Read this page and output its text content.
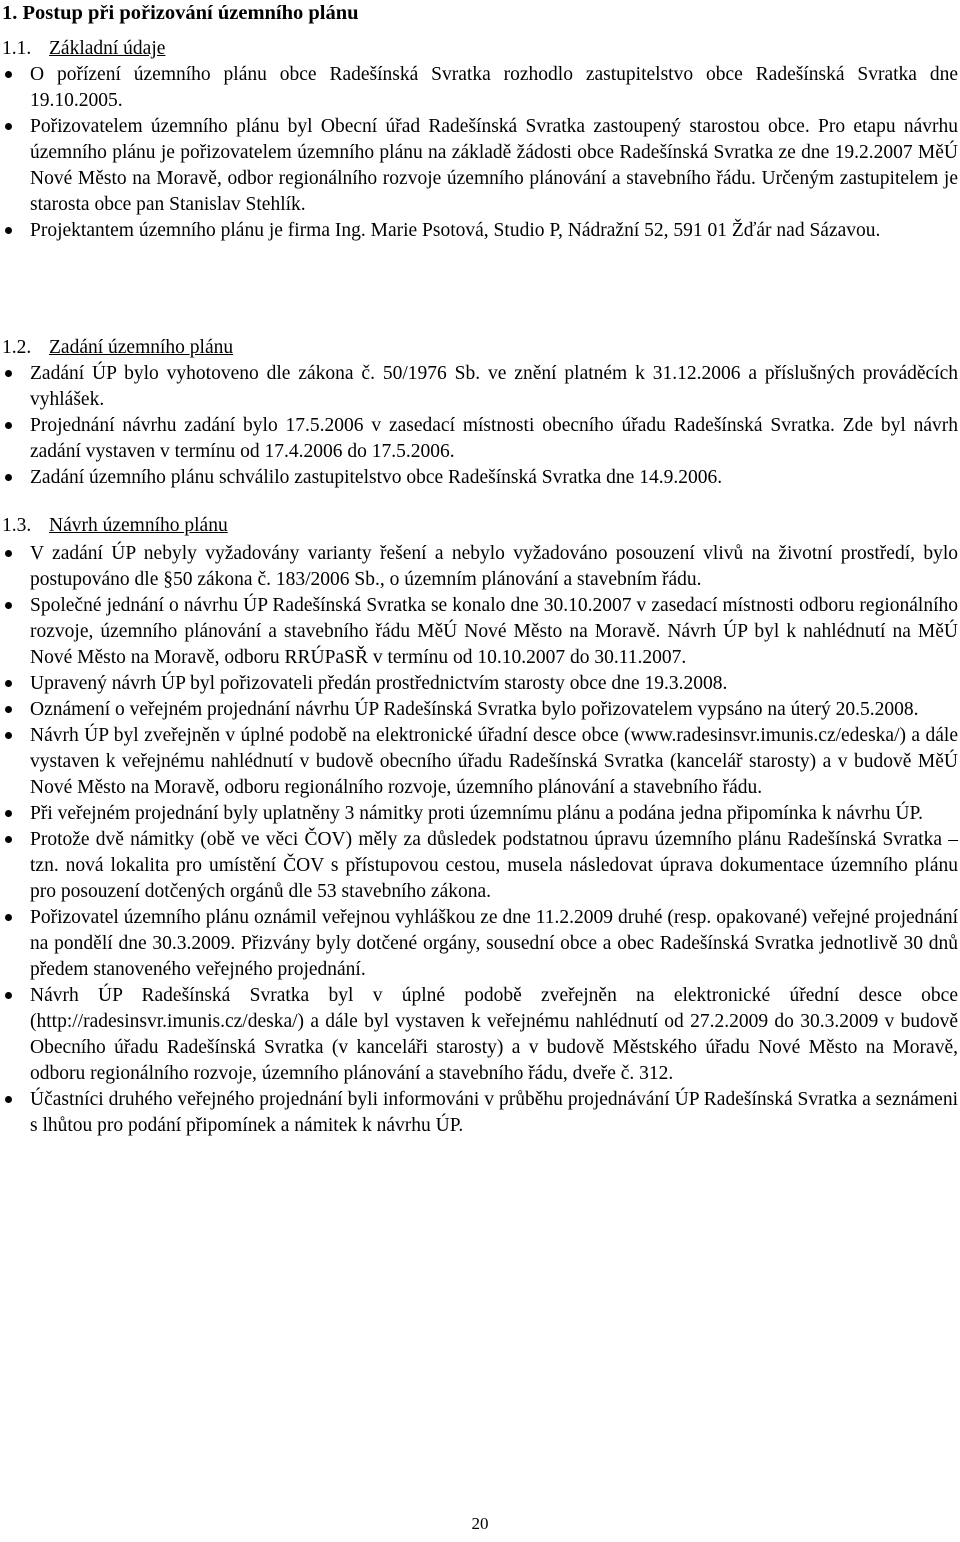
1. Postup při pořizování územního plánu
1.1. Základní údaje
O pořízení územního plánu obce Radešínská Svratka rozhodlo zastupitelstvo obce Radešínská Svratka dne 19.10.2005.
Pořizovatelem územního plánu byl Obecní úřad Radešínská Svratka zastoupený starostou obce. Pro etapu návrhu územního plánu je pořizovatelem územního plánu na základě žádosti obce Radešínská Svratka ze dne 19.2.2007 MěÚ Nové Město na Moravě, odbor regionálního rozvoje územního plánování a stavebního řádu. Určeným zastupitelem je starosta obce pan Stanislav Stehlík.
Projektantem územního plánu je firma Ing. Marie Psotová, Studio P, Nádražní 52, 591 01 Žďár nad Sázavou.
1.2. Zadání územního plánu
Zadání ÚP bylo vyhotoveno dle zákona č. 50/1976 Sb. ve znění platném k 31.12.2006 a příslušných prováděcích vyhlášek.
Projednání návrhu zadání bylo 17.5.2006 v zasedací místnosti obecního úřadu Radešínská Svratka. Zde byl návrh zadání vystaven v termínu od 17.4.2006 do 17.5.2006.
Zadání územního plánu schválilo zastupitelstvo obce Radešínská Svratka dne 14.9.2006.
1.3. Návrh územního plánu
V zadání ÚP nebyly vyžadovány varianty řešení a nebylo vyžadováno posouzení vlivů na životní prostředí, bylo postupováno dle §50 zákona č. 183/2006 Sb., o územním plánování a stavebním řádu.
Společné jednání o návrhu ÚP Radešínská Svratka se konalo dne 30.10.2007 v zasedací místnosti odboru regionálního rozvoje, územního plánování a stavebního řádu MěÚ Nové Město na Moravě. Návrh ÚP byl k nahlédnutí na MěÚ Nové Město na Moravě, odboru RRÚPaSŘ v termínu od 10.10.2007 do 30.11.2007.
Upravený návrh ÚP byl pořizovateli předán prostřednictvím starosty obce dne 19.3.2008.
Oznámení o veřejném projednání návrhu ÚP Radešínská Svratka bylo pořizovatelem vypsáno na úterý 20.5.2008.
Návrh ÚP byl zveřejněn v úplné podobě na elektronické úřadní desce obce (www.radesinsvr.imunis.cz/edeska/) a dále vystaven k veřejnému nahlédnutí v budově obecního úřadu Radešínská Svratka (kancelář starosty) a v budově MěÚ Nové Město na Moravě, odboru regionálního rozvoje, územního plánování a stavebního řádu.
Při veřejném projednání byly uplatněny 3 námitky proti územnímu plánu a podána jedna připomínka k návrhu ÚP.
Protože dvě námitky (obě ve věci ČOV) měly za důsledek podstatnou úpravu územního plánu Radešínská Svratka – tzn. nová lokalita pro umístění ČOV s přístupovou cestou, musela následovat úprava dokumentace územního plánu pro posouzení dotčených orgánů dle 53 stavebního zákona.
Pořizovatel územního plánu oznámil veřejnou vyhláškou ze dne 11.2.2009 druhé (resp. opakované) veřejné projednání na pondělí dne 30.3.2009. Přizvány byly dotčené orgány, sousední obce a obec Radešínská Svratka jednotlivě 30 dnů předem stanoveného veřejného projednání.
Návrh ÚP Radešínská Svratka byl v úplné podobě zveřejněn na elektronické úřední desce obce (http://radesinsvr.imunis.cz/deska/) a dále byl vystaven k veřejnému nahlédnutí od 27.2.2009 do 30.3.2009 v budově Obecního úřadu Radešínská Svratka (v kanceláři starosty) a v budově Městského úřadu Nové Město na Moravě, odboru regionálního rozvoje, územního plánování a stavebního řádu, dveře č. 312.
Účastníci druhého veřejného projednání byli informováni v průběhu projednávání ÚP Radešínská Svratka a seznámeni s lhůtou pro podání připomínek a námitek k návrhu ÚP.
20
